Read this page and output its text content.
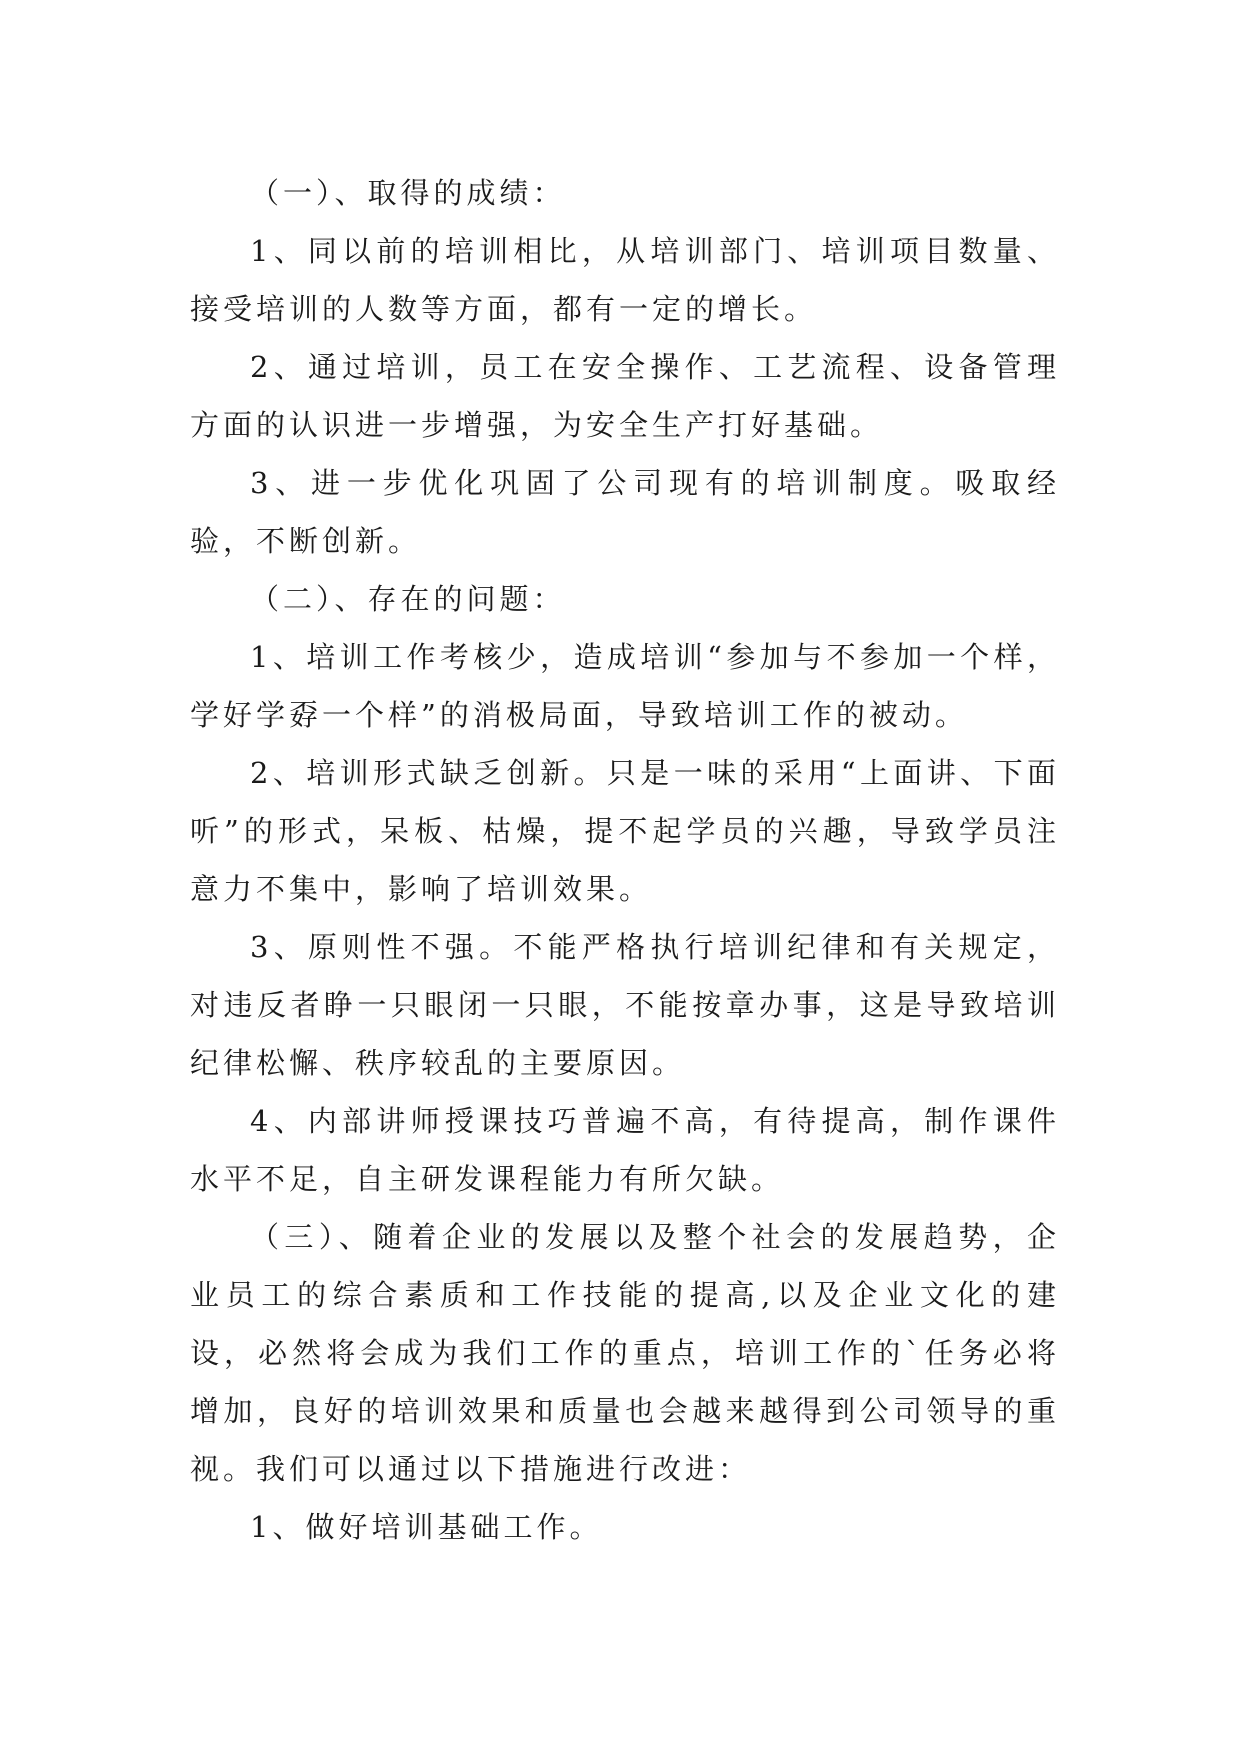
（一）、取得的成绩：

1、同以前的培训相比，从培训部门、培训项目数量、接受培训的人数等方面，都有一定的增长。

2、通过培训，员工在安全操作、工艺流程、设备管理方面的认识进一步增强，为安全生产打好基础。

3、进一步优化巩固了公司现有的培训制度。吸取经验，不断创新。

（二）、存在的问题：

1、培训工作考核少，造成培训“参加与不参加一个样，学好学孬一个样”的消极局面，导致培训工作的被动。

2、培训形式缺乏创新。只是一味的采用“上面讲、下面听”的形式，呆板、枯燥，提不起学员的兴趣，导致学员注意力不集中，影响了培训效果。

3、原则性不强。不能严格执行培训纪律和有关规定，对违反者睁一只眼闭一只眼，不能按章办事，这是导致培训纪律松懈、秩序较乱的主要原因。

4、内部讲师授课技巧普遍不高，有待提高，制作课件水平不足，自主研发课程能力有所欠缺。

（三）、随着企业的发展以及整个社会的发展趋势，企业员工的综合素质和工作技能的提高,以及企业文化的建设，必然将会成为我们工作的重点，培训工作的`任务必将增加，良好的培训效果和质量也会越来越得到公司领导的重视。我们可以通过以下措施进行改进：

1、做好培训基础工作。
